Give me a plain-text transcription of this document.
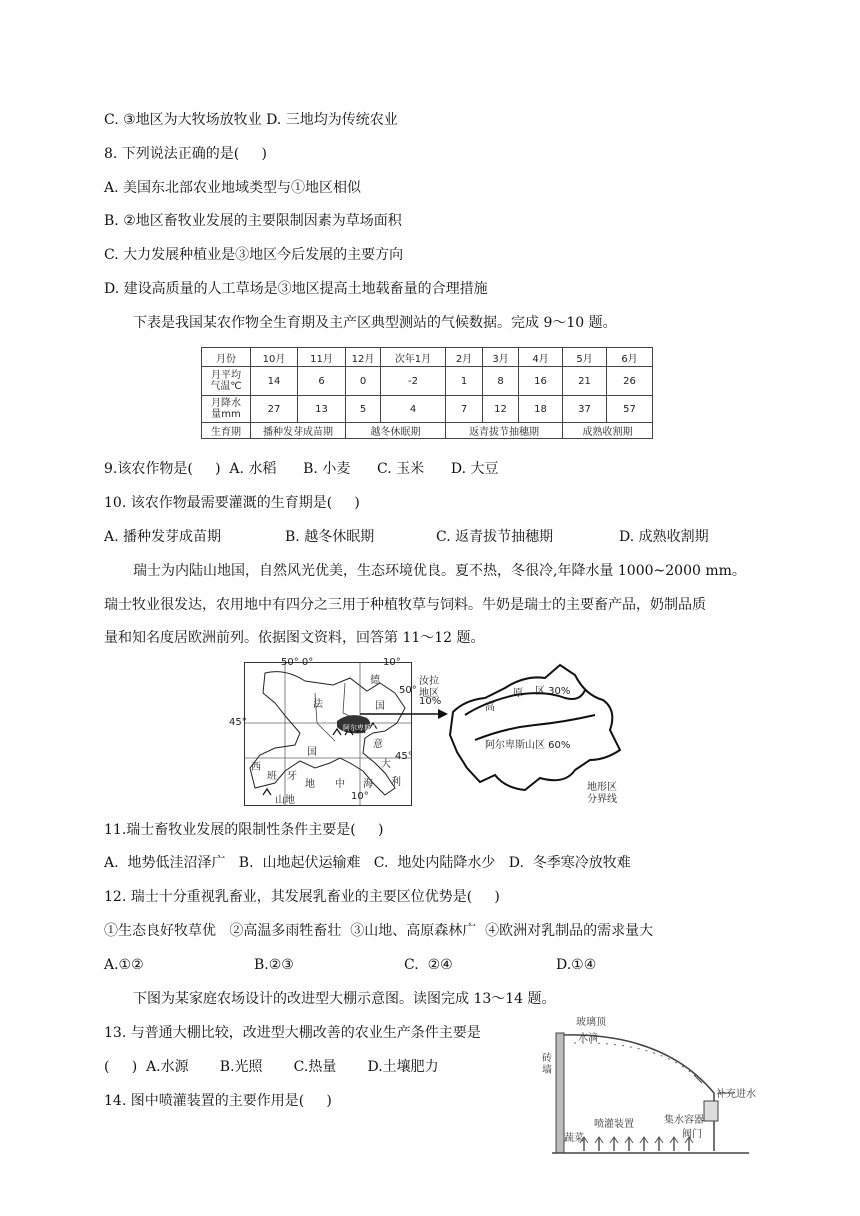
C. ③地区为大牧场放牧业 D. 三地均为传统农业
8. 下列说法正确的是(     )
A. 美国东北部农业地域类型与①地区相似
B. ②地区畜牧业发展的主要限制因素为草场面积
C. 大力发展种植业是③地区今后发展的主要方向
D. 建设高质量的人工草场是③地区提高土地载畜量的合理措施
下表是我国某农作物全生育期及主产区典型测站的气候数据。完成 9～10 题。
月份	10月	11月	12月	次年1月	2月	3月	4月	5月	6月

月平均
气温℃	14	6	0	-2	1	8	16	21	26

月降水
量mm	27	13	5	4	7	12	18	37	57
生育期	播种发芽成苗期		越冬休眠期		返青拔节抽穗期			成熟收割期	
9.该农作物是(     )  A. 水稻      B. 小麦      C. 玉米      D. 大豆
10. 该农作物最需要灌溉的生育期是(     )

A. 播种发芽成苗期

	B. 越冬休眠期

	C. 返青拔节抽穗期

	D. 成熟收割期

瑞士为内陆山地国，自然风光优美，生态环境优良。夏不热，冬很冷,年降水量 1000~2000 mm。
瑞士牧业很发达，农用地中有四分之三用于种植牧草与饲料。牛奶是瑞士的主要畜产品，奶制品质
量和知名度居欧洲前列。依据图文资料，回答第 11～12 题。
50° 0°	10°
50°
45°
45°
德
法	国
国
意
大
利
西
班 牙
地 中 海
10°
山地
阿尔卑斯山
汝拉
地区
10%
高
原 区 30%
阿尔卑斯山区 60%
地形区
分界线
11.瑞士畜牧业发展的限制性条件主要是(     )
A.  地势低洼沼泽广   B.  山地起伏运输难   C.  地处内陆降水少   D.  冬季寒冷放牧难
12. 瑞士十分重视乳畜业，其发展乳畜业的主要区位优势是(     )
①生态良好牧草优   ②高温多雨牲畜壮  ③山地、高原森林广  ④欧洲对乳制品的需求量大

A.①②

	B.②③

	C.  ②④

	D.①④

下图为某家庭农场设计的改进型大棚示意图。读图完成 13～14 题。
13. 与普通大棚比较，改进型大棚改善的农业生产条件主要是
(     )  A.水源       B.光照       C.热量       D.土壤肥力
14. 图中喷灌装置的主要作用是(     )
玻璃顶
水滴
砖
墙
补充进水
喷灌装置	集水容器
蔬菜	阀门
